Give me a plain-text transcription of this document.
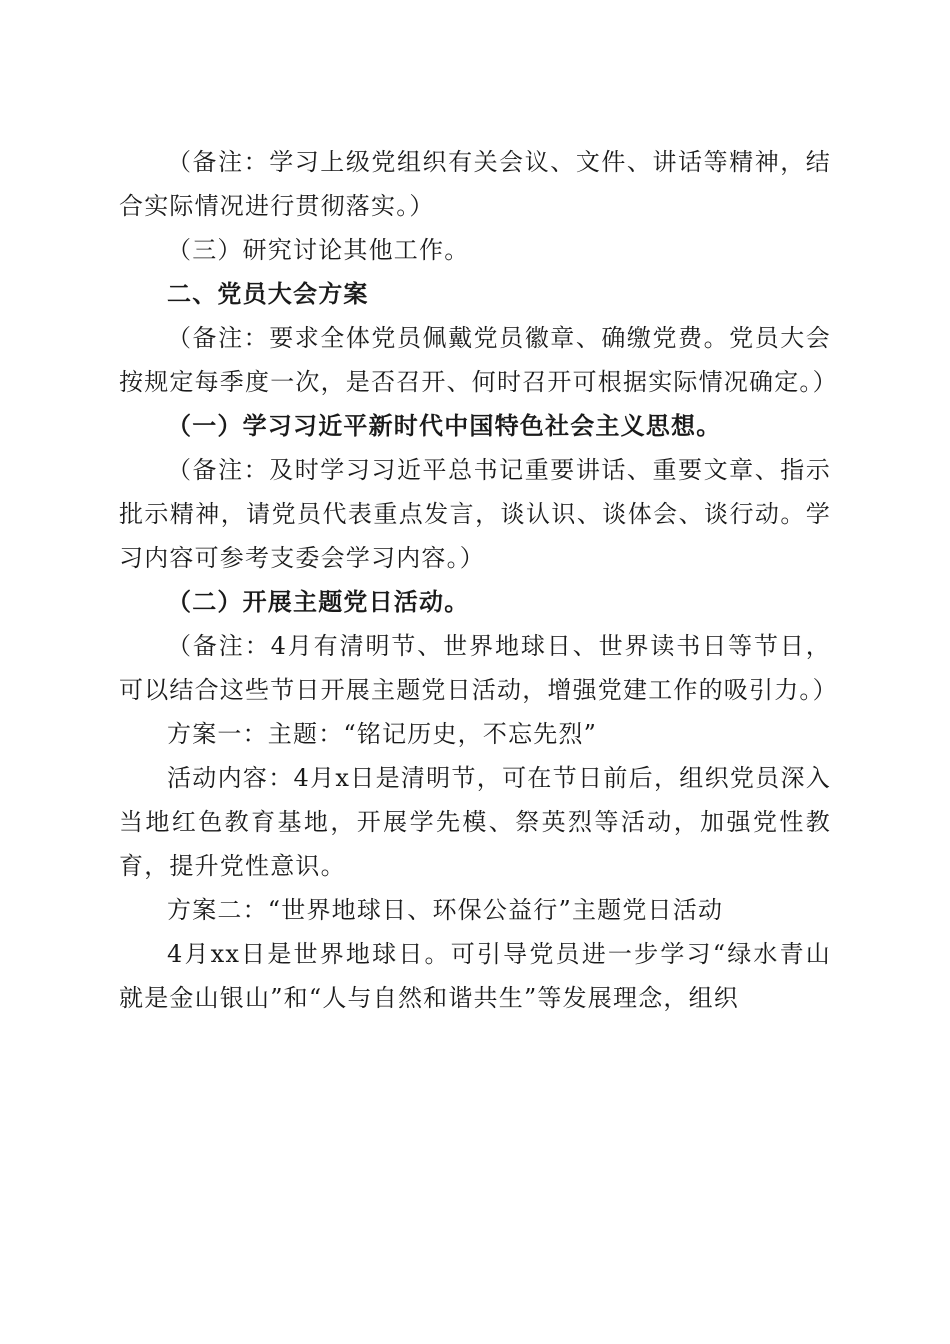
（备注：学习上级党组织有关会议、文件、讲话等精神，结合实际情况进行贯彻落实。）

（三）研究讨论其他工作。

二、党员大会方案

（备注：要求全体党员佩戴党员徽章、确缴党费。党员大会按规定每季度一次，是否召开、何时召开可根据实际情况确定。）

（一）学习习近平新时代中国特色社会主义思想。

（备注：及时学习习近平总书记重要讲话、重要文章、指示批示精神，请党员代表重点发言，谈认识、谈体会、谈行动。学习内容可参考支委会学习内容。）

（二）开展主题党日活动。

（备注：4月有清明节、世界地球日、世界读书日等节日，可以结合这些节日开展主题党日活动，增强党建工作的吸引力。）

方案一：主题：“铭记历史，不忘先烈”

活动内容：4月x日是清明节，可在节日前后，组织党员深入当地红色教育基地，开展学先模、祭英烈等活动，加强党性教育，提升党性意识。

方案二：“世界地球日、环保公益行”主题党日活动

4月xx日是世界地球日。可引导党员进一步学习“绿水青山就是金山银山”和“人与自然和谐共生”等发展理念，组织
